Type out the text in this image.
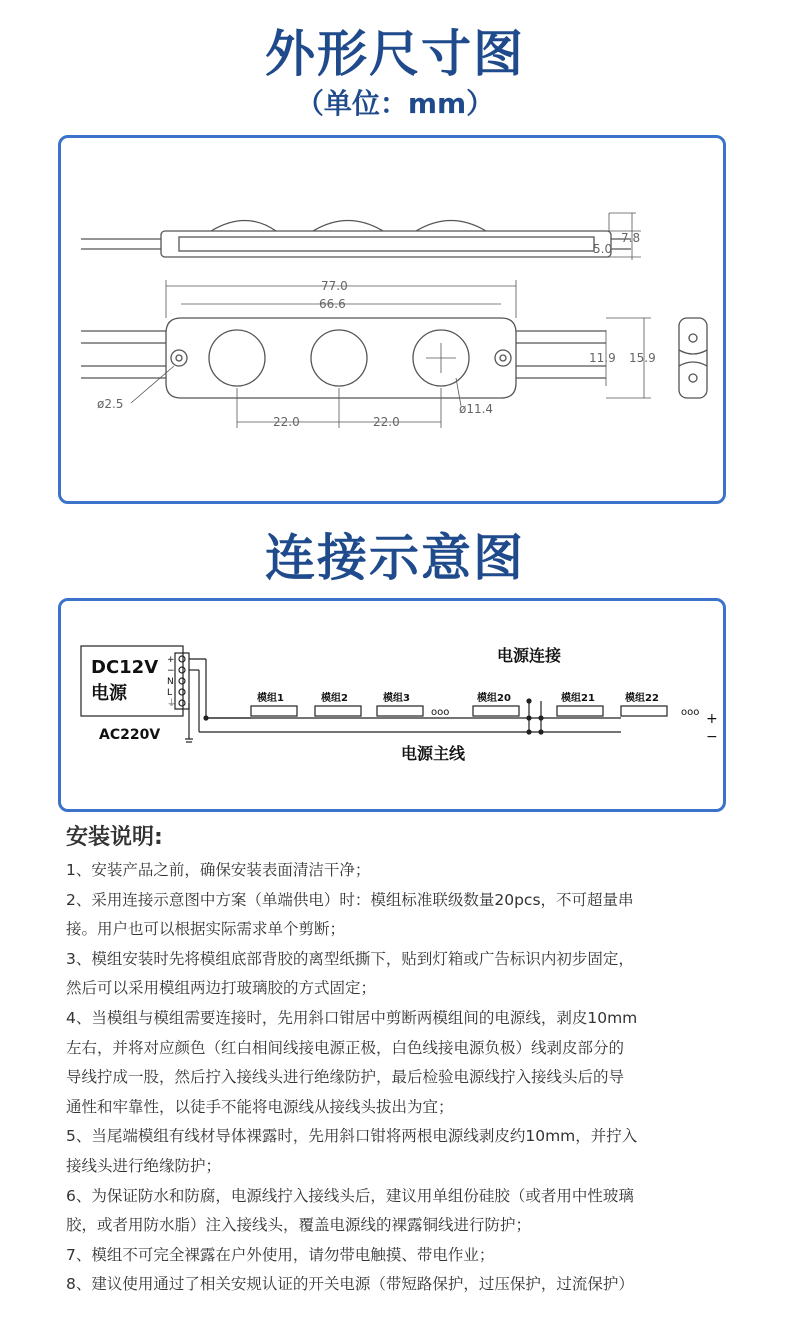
外形尺寸图
（单位：mm）
5.0
7.8
77.0
66.6
11.9 15.9
ø2.5	ø11.4
22.0	22.0
连接示意图
DC12V
电源
AC220V
+
−
N
L
⏚
电源连接
电源主线
模组1	模组2	模组3	模组20	模组21	模组22
ooo	ooo +
−
安装说明:

1、安装产品之前，确保安装表面清洁干净；

2、采用连接示意图中方案（单端供电）时：模组标准联级数量20pcs，不可超量串

接。用户也可以根据实际需求单个剪断；

3、模组安装时先将模组底部背胶的离型纸撕下，贴到灯箱或广告标识内初步固定，

然后可以采用模组两边打玻璃胶的方式固定；

4、当模组与模组需要连接时，先用斜口钳居中剪断两模组间的电源线，剥皮10mm

左右，并将对应颜色（红白相间线接电源正极，白色线接电源负极）线剥皮部分的

导线拧成一股，然后拧入接线头进行绝缘防护，最后检验电源线拧入接线头后的导

通性和牢靠性，以徒手不能将电源线从接线头拔出为宜；

5、当尾端模组有线材导体裸露时，先用斜口钳将两根电源线剥皮约10mm，并拧入

接线头进行绝缘防护；

6、为保证防水和防腐，电源线拧入接线头后，建议用单组份硅胶（或者用中性玻璃

胶，或者用防水脂）注入接线头，覆盖电源线的裸露铜线进行防护；

7、模组不可完全裸露在户外使用，请勿带电触摸、带电作业；

8、建议使用通过了相关安规认证的开关电源（带短路保护，过压保护，过流保护）
